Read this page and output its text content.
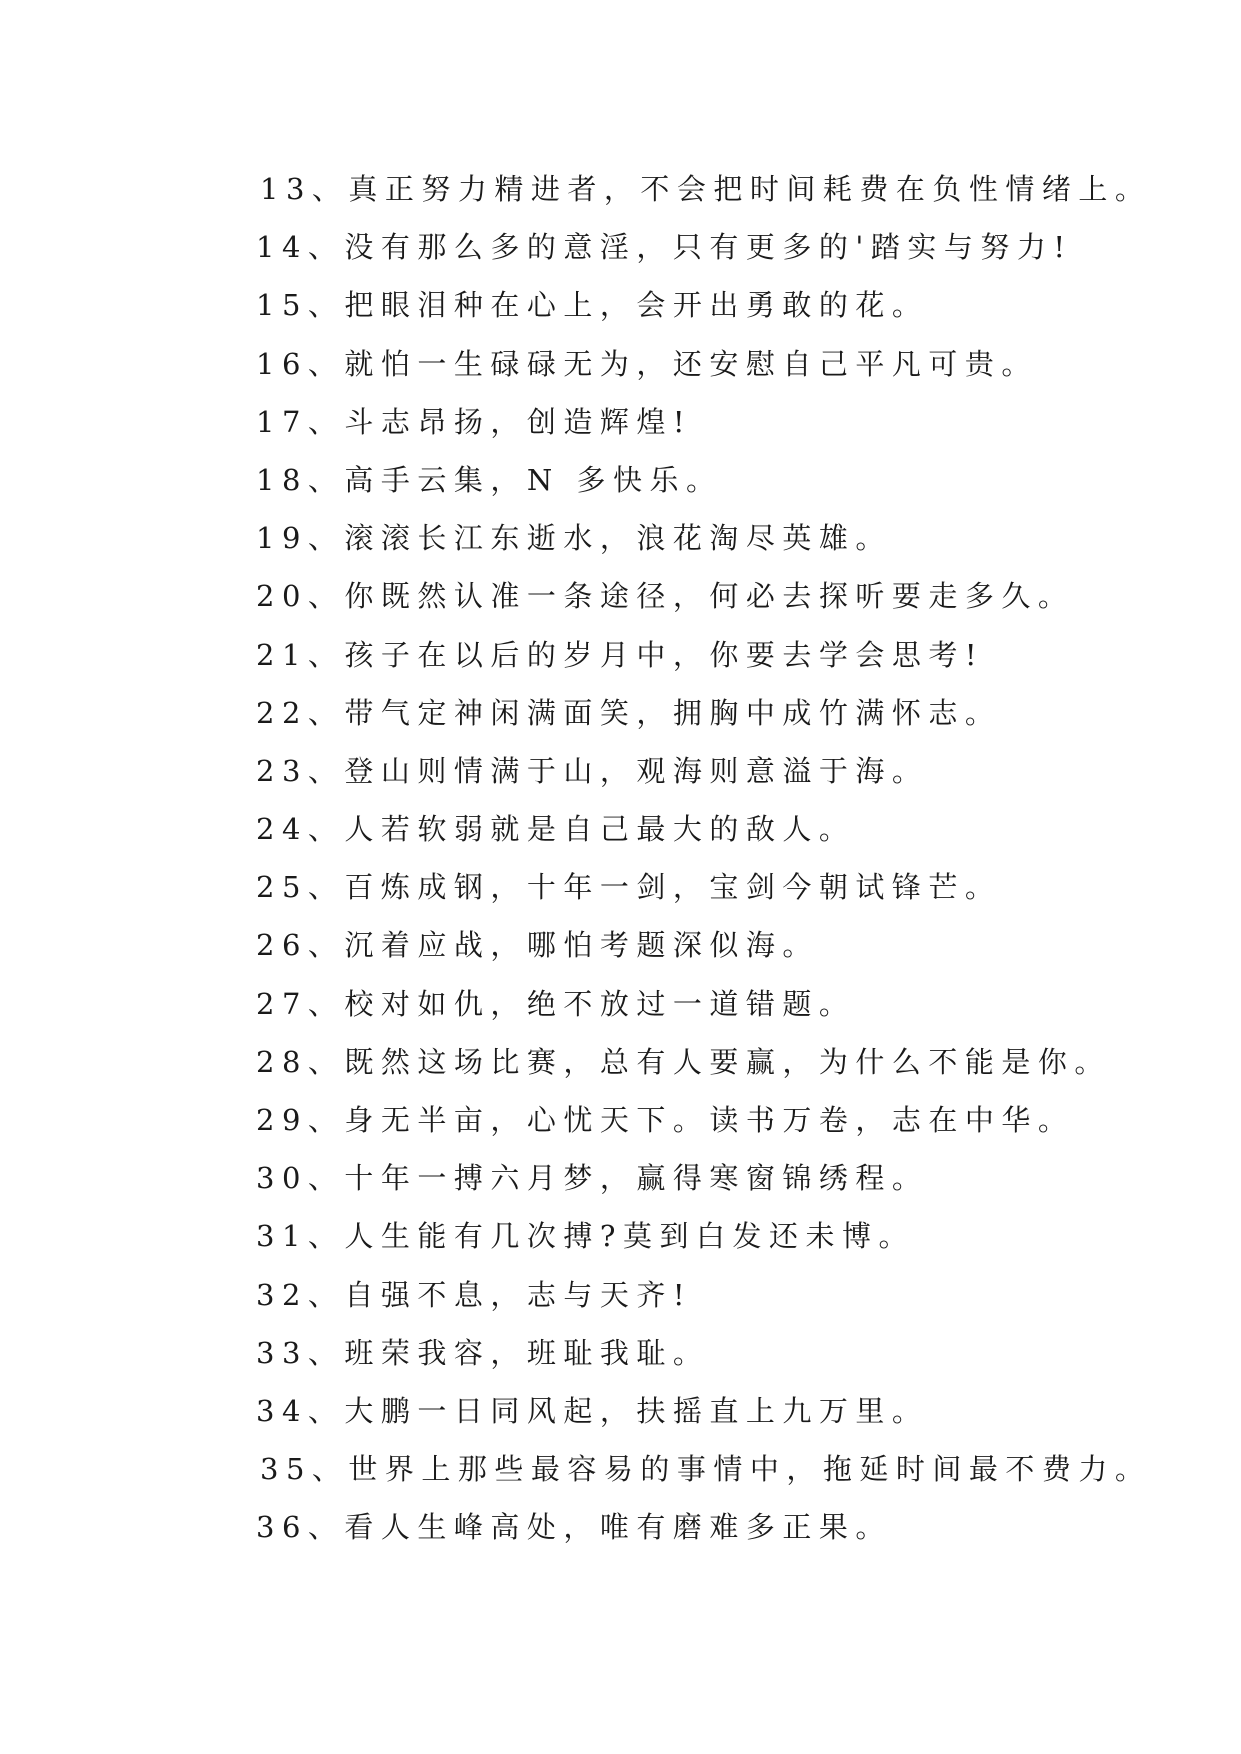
13、真正努力精进者，不会把时间耗费在负性情绪上。
14、没有那么多的意淫，只有更多的'踏实与努力!
15、把眼泪种在心上，会开出勇敢的花。
16、就怕一生碌碌无为，还安慰自己平凡可贵。
17、斗志昂扬，创造辉煌!
18、高手云集，N 多快乐。
19、滚滚长江东逝水，浪花淘尽英雄。
20、你既然认准一条途径，何必去探听要走多久。
21、孩子在以后的岁月中，你要去学会思考!
22、带气定神闲满面笑，拥胸中成竹满怀志。
23、登山则情满于山，观海则意溢于海。
24、人若软弱就是自己最大的敌人。
25、百炼成钢，十年一剑，宝剑今朝试锋芒。
26、沉着应战，哪怕考题深似海。
27、校对如仇，绝不放过一道错题。
28、既然这场比赛，总有人要赢，为什么不能是你。
29、身无半亩，心忧天下。读书万卷，志在中华。
30、十年一搏六月梦，赢得寒窗锦绣程。
31、人生能有几次搏?莫到白发还未博。
32、自强不息，志与天齐!
33、班荣我容，班耻我耻。
34、大鹏一日同风起，扶摇直上九万里。
35、世界上那些最容易的事情中，拖延时间最不费力。
36、看人生峰高处，唯有磨难多正果。
